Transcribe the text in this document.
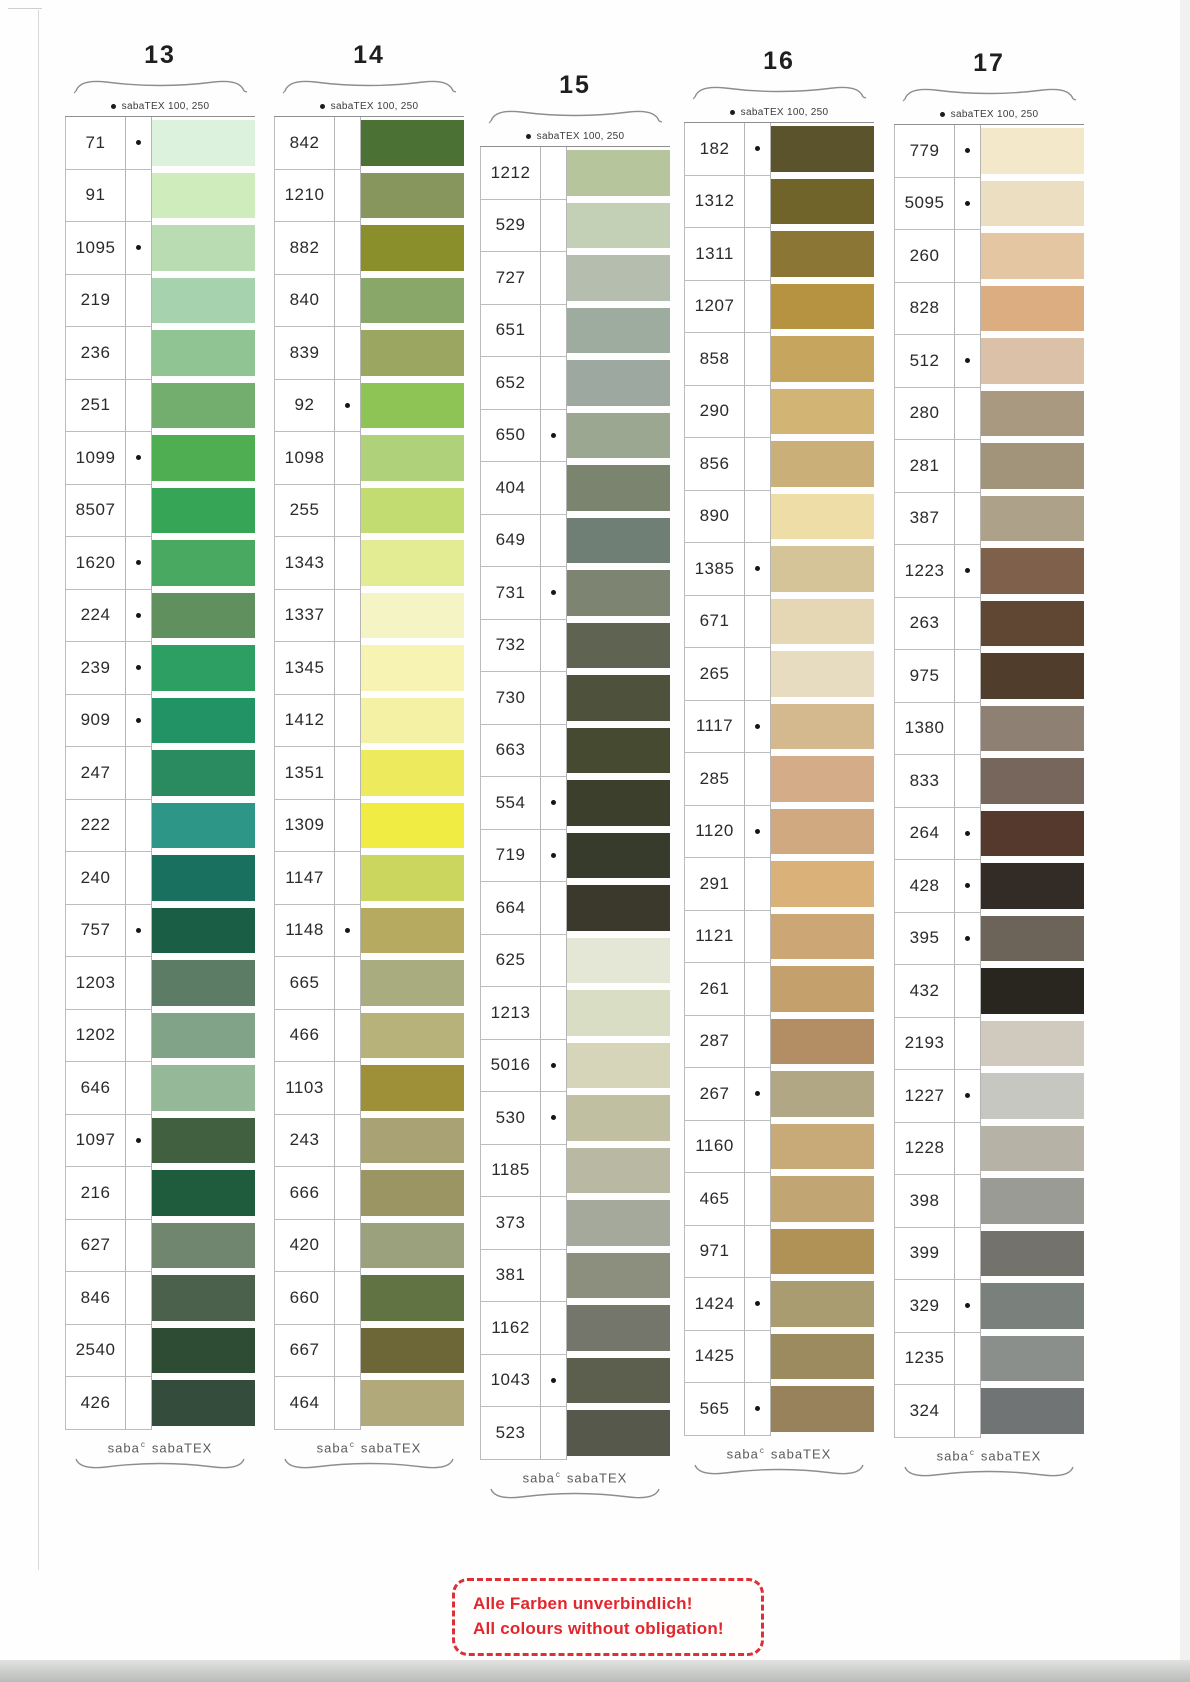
13
sabaTEX 100, 250
71
91
1095
219
236
251
1099
8507
1620
224
239
909
247
222
240
757
1203
1202
646
1097
216
627
846
2540
426
saba$^c$ sabaTEX
14
sabaTEX 100, 250
842
1210
882
840
839
92
1098
255
1343
1337
1345
1412
1351
1309
1147
1148
665
466
1103
243
666
420
660
667
464
saba$^c$ sabaTEX
15
sabaTEX 100, 250
1212
529
727
651
652
650
404
649
731
732
730
663
554
719
664
625
1213
5016
530
1185
373
381
1162
1043
523
saba$^c$ sabaTEX
16
sabaTEX 100, 250
182
1312
1311
1207
858
290
856
890
1385
671
265
1117
285
1120
291
1121
261
287
267
1160
465
971
1424
1425
565
saba$^c$ sabaTEX
17
sabaTEX 100, 250
779
5095
260
828
512
280
281
387
1223
263
975
1380
833
264
428
395
432
2193
1227
1228
398
399
329
1235
324
saba$^c$ sabaTEX
Alle Farben unverbindlich!
All colours without obligation!
